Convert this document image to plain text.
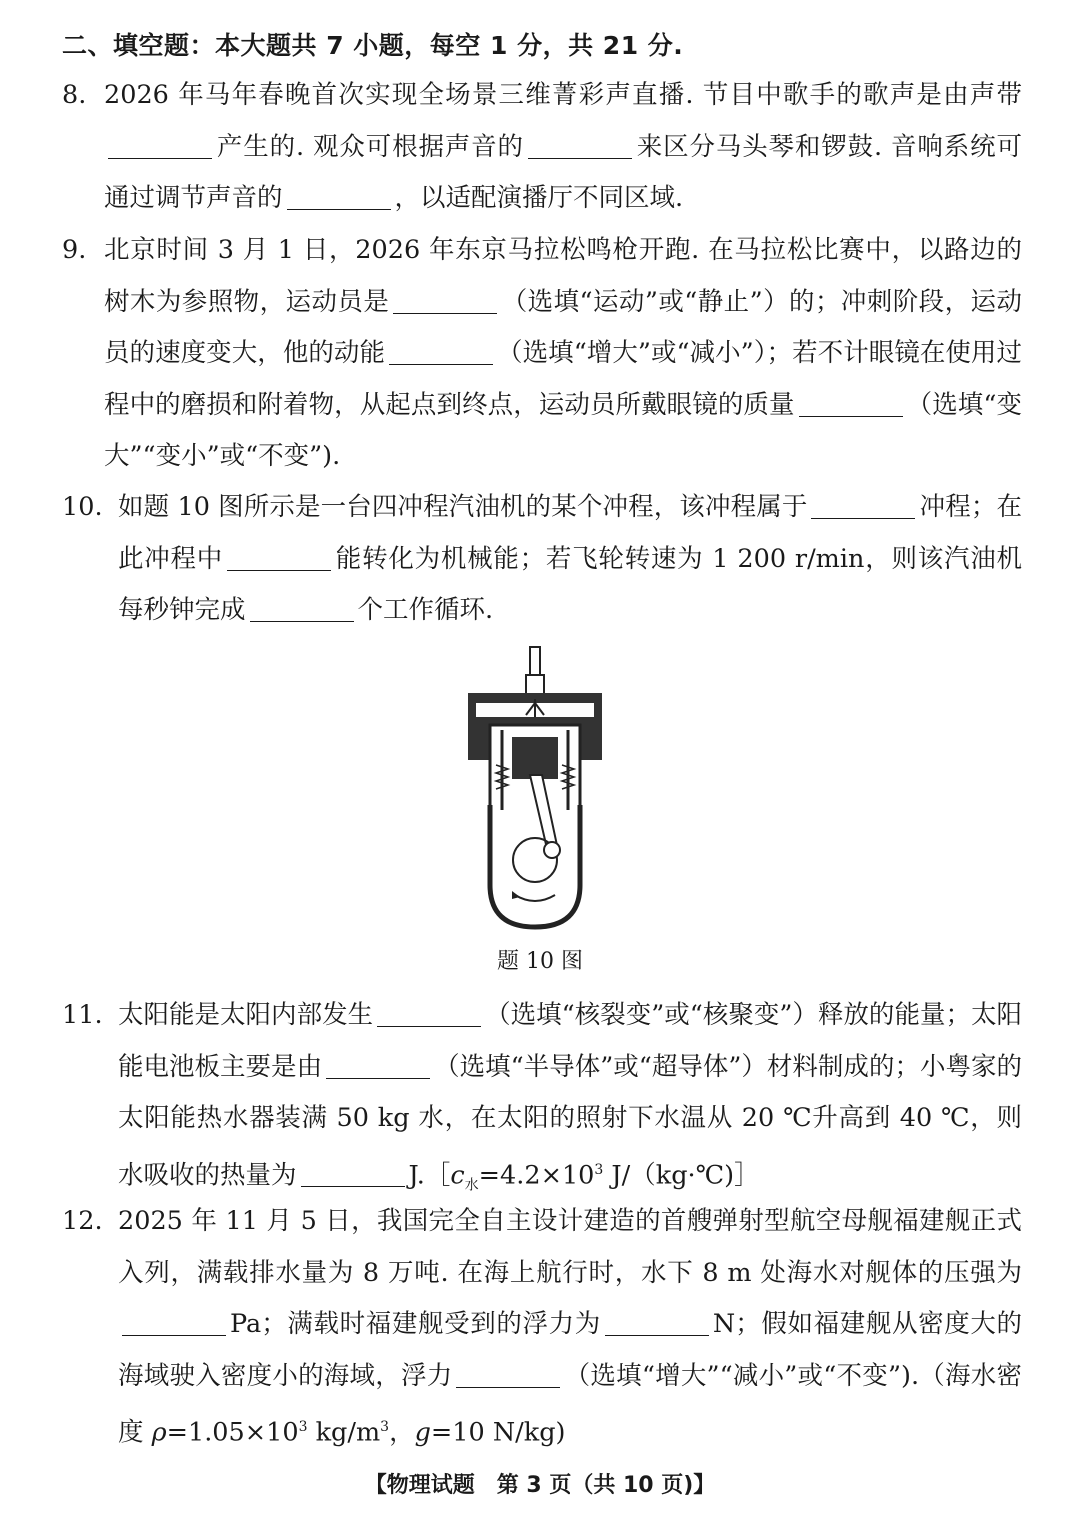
二、填空题：本大题共 7 小题，每空 1 分，共 21 分.
8. 2026 年马年春晚首次实现全场景三维菁彩声直播. 节目中歌手的歌声是由声带产生的. 观众可根据声音的	来区分马头琴和锣鼓. 音响系统可通过调节声音的	，以适配演播厅不同区域.
9. 北京时间 3 月 1 日，2026 年东京马拉松鸣枪开跑. 在马拉松比赛中，以路边的树木为参照物，运动员是	（选填“运动”或“静止”）的；冲刺阶段，运动员的速度变大，他的动能	（选填“增大”或“减小”）；若不计眼镜在使用过程中的磨损和附着物，从起点到终点，运动员所戴眼镜的质量	（选填“变大”“变小”或“不变”).
10. 如题 10 图所示是一台四冲程汽油机的某个冲程，该冲程属于	冲程；在此冲程中	能转化为机械能；若飞轮转速为 1 200 r/min，则该汽油机每秒钟完成	个工作循环.
题 10 图
11. 太阳能是太阳内部发生	（选填“核裂变”或“核聚变”）释放的能量；太阳能电池板主要是由	（选填“半导体”或“超导体”）材料制成的；小粤家的太阳能热水器装满 50 kg 水，在太阳的照射下水温从 20 ℃升高到 40 ℃，则水吸收的热量为	$J.[c_水=4.2\times 10^3$ J/（kg·℃)］
12. 2025 年 11 月 5 日，我国完全自主设计建造的首艘弹射型航空母舰福建舰正式入列，满载排水量为 8 万吨. 在海上航行时，水下 8 m 处海水对舰体的压强为Pa；满载时福建舰受到的浮力为	N；假如福建舰从密度大的海域驶入密度小的海域，浮力	（选填“增大”“减小”或“不变”).（海水密度 $\rho=1.05\times 10^3$ $kg/m^3$，g=10 N/kg)
【物理试题　第 3 页（共 10 页)】
